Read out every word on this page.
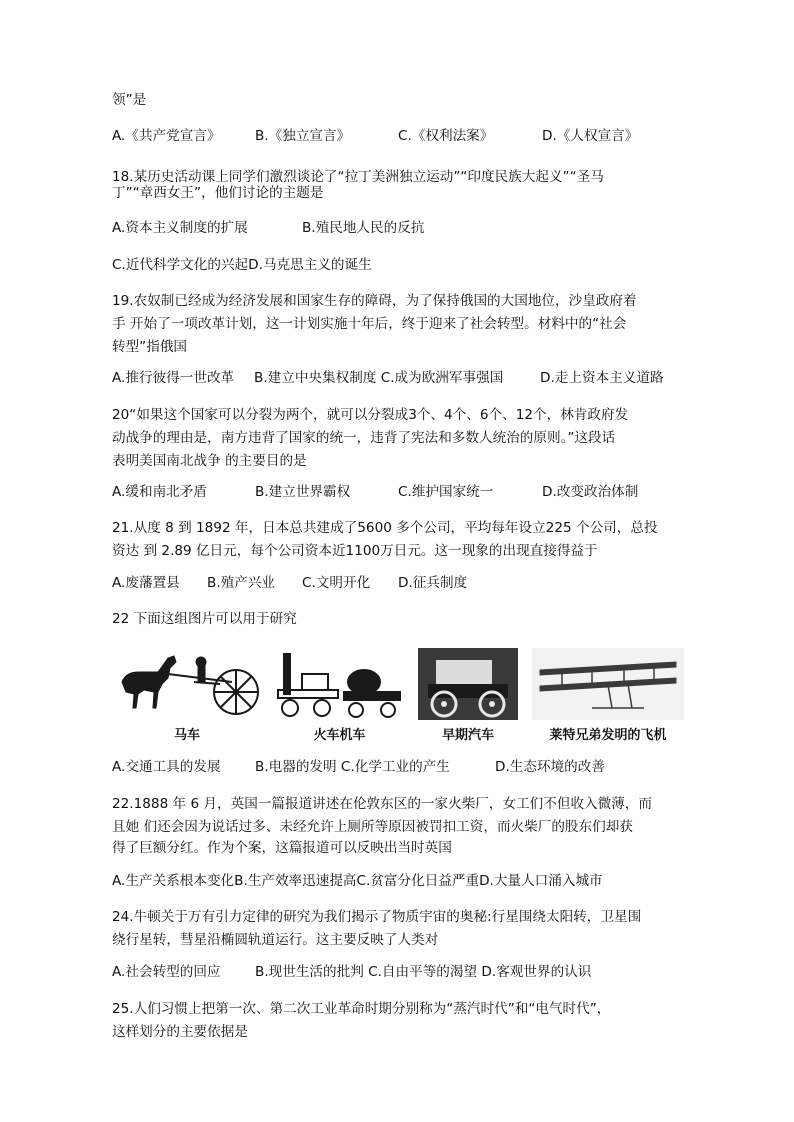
领”是
A.《共产党宣言》	B.《独立宣言》	C.《权利法案》	D.《人权宣言》
18.某历史活动课上同学们激烈谈论了“拉丁美洲独立运动”“印度民族大起义”“圣马
丁”“章西女王”，他们讨论的主题是
A.资本主义制度的扩展	B.殖民地人民的反抗
C.近代科学文化的兴起D.马克思主义的诞生
19.农奴制已经成为经济发展和国家生存的障碍，为了保持俄国的大国地位，沙皇政府着
手 开始了一项改革计划，这一计划实施十年后，终于迎来了社会转型。材料中的“社会
转型”指俄国
A.推行彼得一世改革 B.建立中央集权制度 C.成为欧洲军事强国	D.走上资本主义道路
20“如果这个国家可以分裂为两个，就可以分裂成3个、4个、6个、12个，林肯政府发
动战争的理由是，南方违背了国家的统一，违背了宪法和多数人统治的原则。”这段话
表明美国南北战争 的主要目的是
A.缓和南北矛盾	B.建立世界霸权	C.维护国家统一	D.改变政治体制
21.从度 8 到 1892 年，日本总共建成了5600 多个公司，平均每年设立225 个公司，总投
资达 到 2.89 亿日元，每个公司资本近1100万日元。这一现象的出现直接得益于
A.废藩置县 B.殖产兴业 C.文明开化 D.征兵制度
22 下面这组图片可以用于研究
马车	火车机车	早期汽车	莱特兄弟发明的飞机
A.交通工具的发展	B.电器的发明 C.化学工业的产生	D.生态环境的改善
22.1888 年 6 月，英国一篇报道讲述在伦敦东区的一家火柴厂，女工们不但收入微薄，而
且她 们还会因为说话过多、未经允许上厕所等原因被罚扣工资，而火柴厂的股东们却获
得了巨额分红。作为个案，这篇报道可以反映出当时英国
A.生产关系根本变化B.生产效率迅速提高C.贫富分化日益严重D.大量人口涌入城市
24.牛顿关于万有引力定律的研究为我们揭示了物质宇宙的奥秘:行星围绕太阳转，卫星围
绕行星转，彗星沿椭圆轨道运行。这主要反映了人类对
A.社会转型的回应	B.现世生活的批判 C.自由平等的渴望 D.客观世界的认识
25.人们习惯上把第一次、第二次工业革命时期分别称为“蒸汽时代”和“电气时代”，
这样划分的主要依据是
